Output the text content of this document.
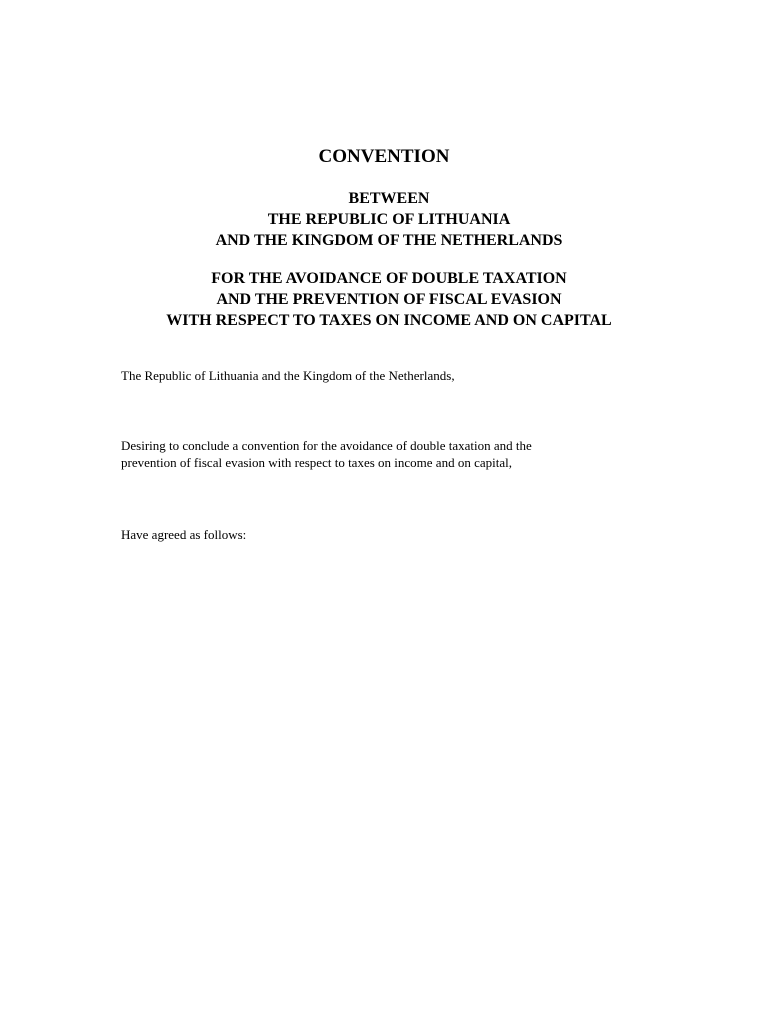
CONVENTION
BETWEEN
THE REPUBLIC OF LITHUANIA
AND THE KINGDOM OF THE NETHERLANDS
FOR THE AVOIDANCE OF DOUBLE TAXATION
AND THE PREVENTION OF FISCAL EVASION
WITH RESPECT TO TAXES ON INCOME AND ON CAPITAL

The Republic of Lithuania and the Kingdom of the Netherlands,

Desiring to conclude a convention for the avoidance of double taxation and the
prevention of fiscal evasion with respect to taxes on income and on capital,

Have agreed as follows:
